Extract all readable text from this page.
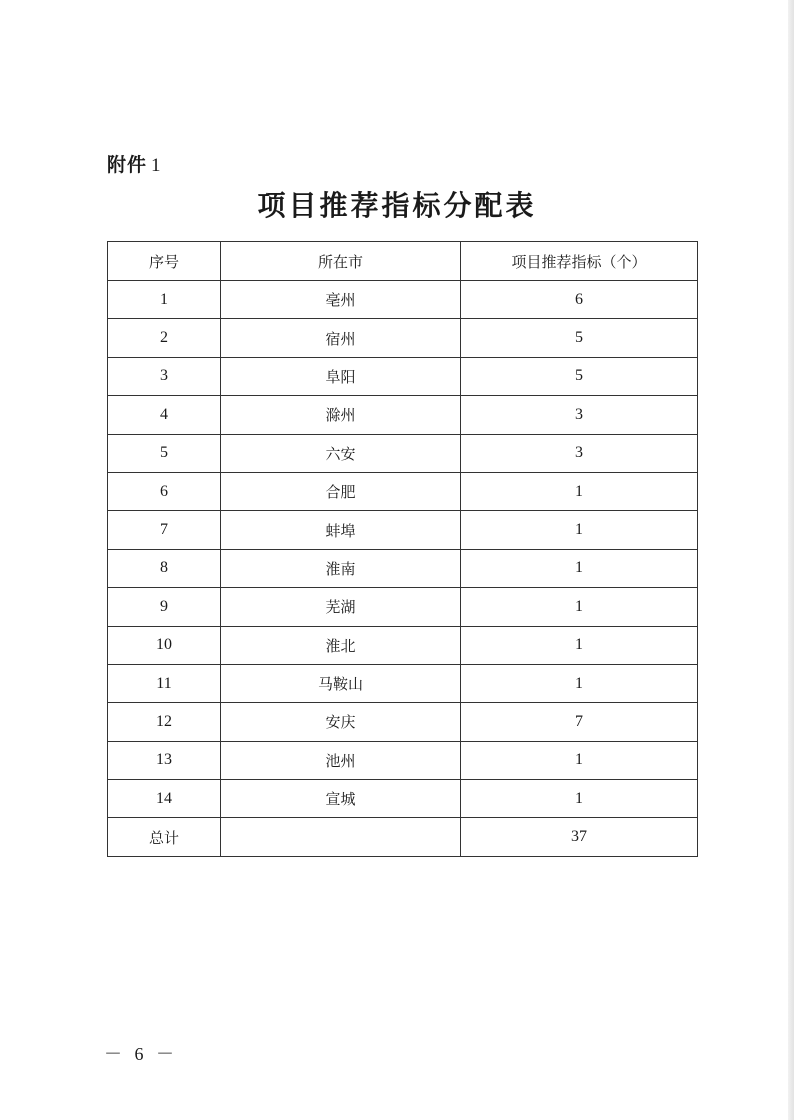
附件 1
项目推荐指标分配表
序号	所在市	项目推荐指标（个）
1	亳州	6
2	宿州	5
3	阜阳	5
4	滁州	3
5	六安	3
6	合肥	1
7	蚌埠	1
8	淮南	1
9	芜湖	1
10	淮北	1
11	马鞍山	1
12	安庆	7
13	池州	1
14	宣城	1
总计		37
－ 6 －
